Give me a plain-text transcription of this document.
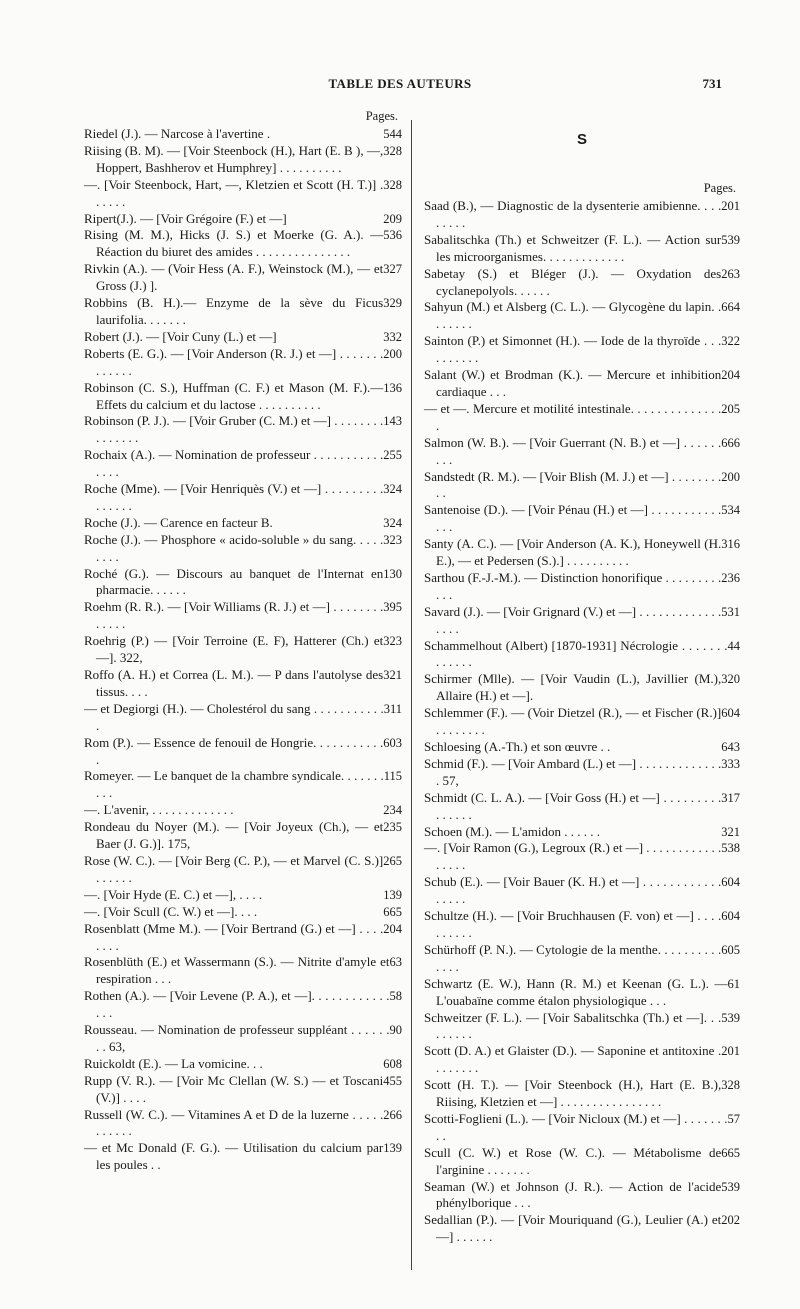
TABLE DES AUTEURS	731
Pages.
544
Riedel (J.). — Narcose à l'avertine .
328
Riising (B. M). — [Voir Steenbock (H.), Hart (E. B ), —, Hoppert, Bashherov et Humphrey] . . . . . . . . . .
328
—. [Voir Steenbock, Hart, —, Kletzien et Scott (H. T.)] . . . . . .
209
Ripert(J.). — [Voir Grégoire (F.) et —]
536
Rising (M. M.), Hicks (J. S.) et Moerke (G. A.). — Réaction du biuret des amides . . . . . . . . . . . . . . .
327
Rivkin (A.). — (Voir Hess (A. F.), Weinstock (M.), — et Gross (J.) ].
329
Robbins (B. H.).— Enzyme de la sève du Ficus laurifolia. . . . . . .
332
Robert (J.). — [Voir Cuny (L.) et —]
200
Roberts (E. G.). — [Voir Anderson (R. J.) et —] . . . . . . . . . . . . .
136
Robinson (C. S.), Huffman (C. F.) et Mason (M. F.).— Effets du calcium et du lactose . . . . . . . . . .
143
Robinson (P. J.). — [Voir Gruber (C. M.) et —] . . . . . . . . . . . . . . .
255
Rochaix (A.). — Nomination de professeur . . . . . . . . . . . . . . .
324
Roche (Mme). — [Voir Henriquès (V.) et —] . . . . . . . . . . . . . . .
324
Roche (J.). — Carence en facteur B.
323
Roche (J.). — Phosphore « acido-soluble » du sang. . . . . . . . .
130
Roché (G.). — Discours au banquet de l'Internat en pharmacie. . . . . .
395
Roehm (R. R.). — [Voir Williams (R. J.) et —] . . . . . . . . . . . . .
323
Roehrig (P.) — [Voir Terroine (E. F), Hatterer (Ch.) et —]. 322,
321
Roffo (A. H.) et Correa (L. M.). — P dans l'autolyse des tissus. . . .
311
— et Degiorgi (H.). — Cholestérol du sang . . . . . . . . . . . .
603
Rom (P.). — Essence de fenouil de Hongrie. . . . . . . . . . . .
115
Romeyer. — Le banquet de la chambre syndicale. . . . . . . . . .
234
—. L'avenir, . . . . . . . . . . . . .
235
Rondeau du Noyer (M.). — [Voir Joyeux (Ch.), — et Baer (J. G.)]. 175,
265
Rose (W. C.). — [Voir Berg (C. P.), — et Marvel (C. S.)] . . . . . .
139
—. [Voir Hyde (E. C.) et —], . . . .
665
—. [Voir Scull (C. W.) et —]. . . .
204
Rosenblatt (Mme M.). — [Voir Bertrand (G.) et —] . . . . . . . .
63
Rosenblüth (E.) et Wassermann (S.). — Nitrite d'amyle et respiration . . .
58
Rothen (A.). — [Voir Levene (P. A.), et —]. . . . . . . . . . . . . . .
90
Rousseau. — Nomination de professeur suppléant . . . . . . . . 63,
608
Ruickoldt (E.). — La vomicine. . .
455
Rupp (V. R.). — [Voir Mc Clellan (W. S.) — et Toscani (V.)] . . . .
266
Russell (W. C.). — Vitamines A et D de la luzerne . . . . . . . . . . .
139
— et Mc Donald (F. G.). — Utilisation du calcium par les poules . .
S
Pages.
201
Saad (B.), — Diagnostic de la dysenterie amibienne. . . . . . . . .
539
Sabalitschka (Th.) et Schweitzer (F. L.). — Action sur les microorganismes. . . . . . . . . . . . .
263
Sabetay (S.) et Bléger (J.). — Oxydation des cyclanepolyols. . . . . .
664
Sahyun (M.) et Alsberg (C. L.). — Glycogène du lapin. . . . . . . .
322
Sainton (P.) et Simonnet (H.). — Iode de la thyroïde . . . . . . . . . .
204
Salant (W.) et Brodman (K.). — Mercure et inhibition cardiaque . . .
205
— et —. Mercure et motilité intestinale. . . . . . . . . . . . . . .
666
Salmon (W. B.). — [Voir Guerrant (N. B.) et —] . . . . . . . . .
200
Sandstedt (R. M.). — [Voir Blish (M. J.) et —] . . . . . . . . . .
534
Santenoise (D.). — [Voir Pénau (H.) et —] . . . . . . . . . . . . . .
316
Santy (A. C.). — [Voir Anderson (A. K.), Honeywell (H. E.), — et Pedersen (S.).] . . . . . . . . . .
236
Sarthou (F.-J.-M.). — Distinction honorifique . . . . . . . . . . . .
531
Savard (J.). — [Voir Grignard (V.) et —] . . . . . . . . . . . . . . . . .
44
Schammelhout (Albert) [1870-1931] Nécrologie . . . . . . . . . . . . .
320
Schirmer (Mlle). — [Voir Vaudin (L.), Javillier (M.), Allaire (H.) et —].
604
Schlemmer (F.). — (Voir Dietzel (R.), — et Fischer (R.)] . . . . . . . .
643
Schloesing (A.-Th.) et son œuvre . .
333
Schmid (F.). — [Voir Ambard (L.) et —] . . . . . . . . . . . . . . 57,
317
Schmidt (C. L. A.). — [Voir Goss (H.) et —] . . . . . . . . . . . . . . .
321
Schoen (M.). — L'amidon . . . . . .
538
—. [Voir Ramon (G.), Legroux (R.) et —] . . . . . . . . . . . . . . . . .
604
Schub (E.). — [Voir Bauer (K. H.) et —] . . . . . . . . . . . . . . . . .
604
Schultze (H.). — [Voir Bruchhausen (F. von) et —] . . . . . . . . . .
605
Schürhoff (P. N.). — Cytologie de la menthe. . . . . . . . . . . . . .
61
Schwartz (E. W.), Hann (R. M.) et Keenan (G. L.). — L'ouabaïne comme étalon physiologique . . .
539
Schweitzer (F. L.). — [Voir Sabalitschka (Th.) et —]. . . . . . . . .
201
Scott (D. A.) et Glaister (D.). — Saponine et antitoxine . . . . . . . .
328
Scott (H. T.). — [Voir Steenbock (H.), Hart (E. B.), Riising, Kletzien et —] . . . . . . . . . . . . . . . .
57
Scotti-Foglieni (L.). — [Voir Nicloux (M.) et —] . . . . . . . . .
665
Scull (C. W.) et Rose (W. C.). — Métabolisme de l'arginine . . . . . . .
539
Seaman (W.) et Johnson (J. R.). — Action de l'acide phénylborique . . .
202
Sedallian (P.). — [Voir Mouriquand (G.), Leulier (A.) et —] . . . . . .
